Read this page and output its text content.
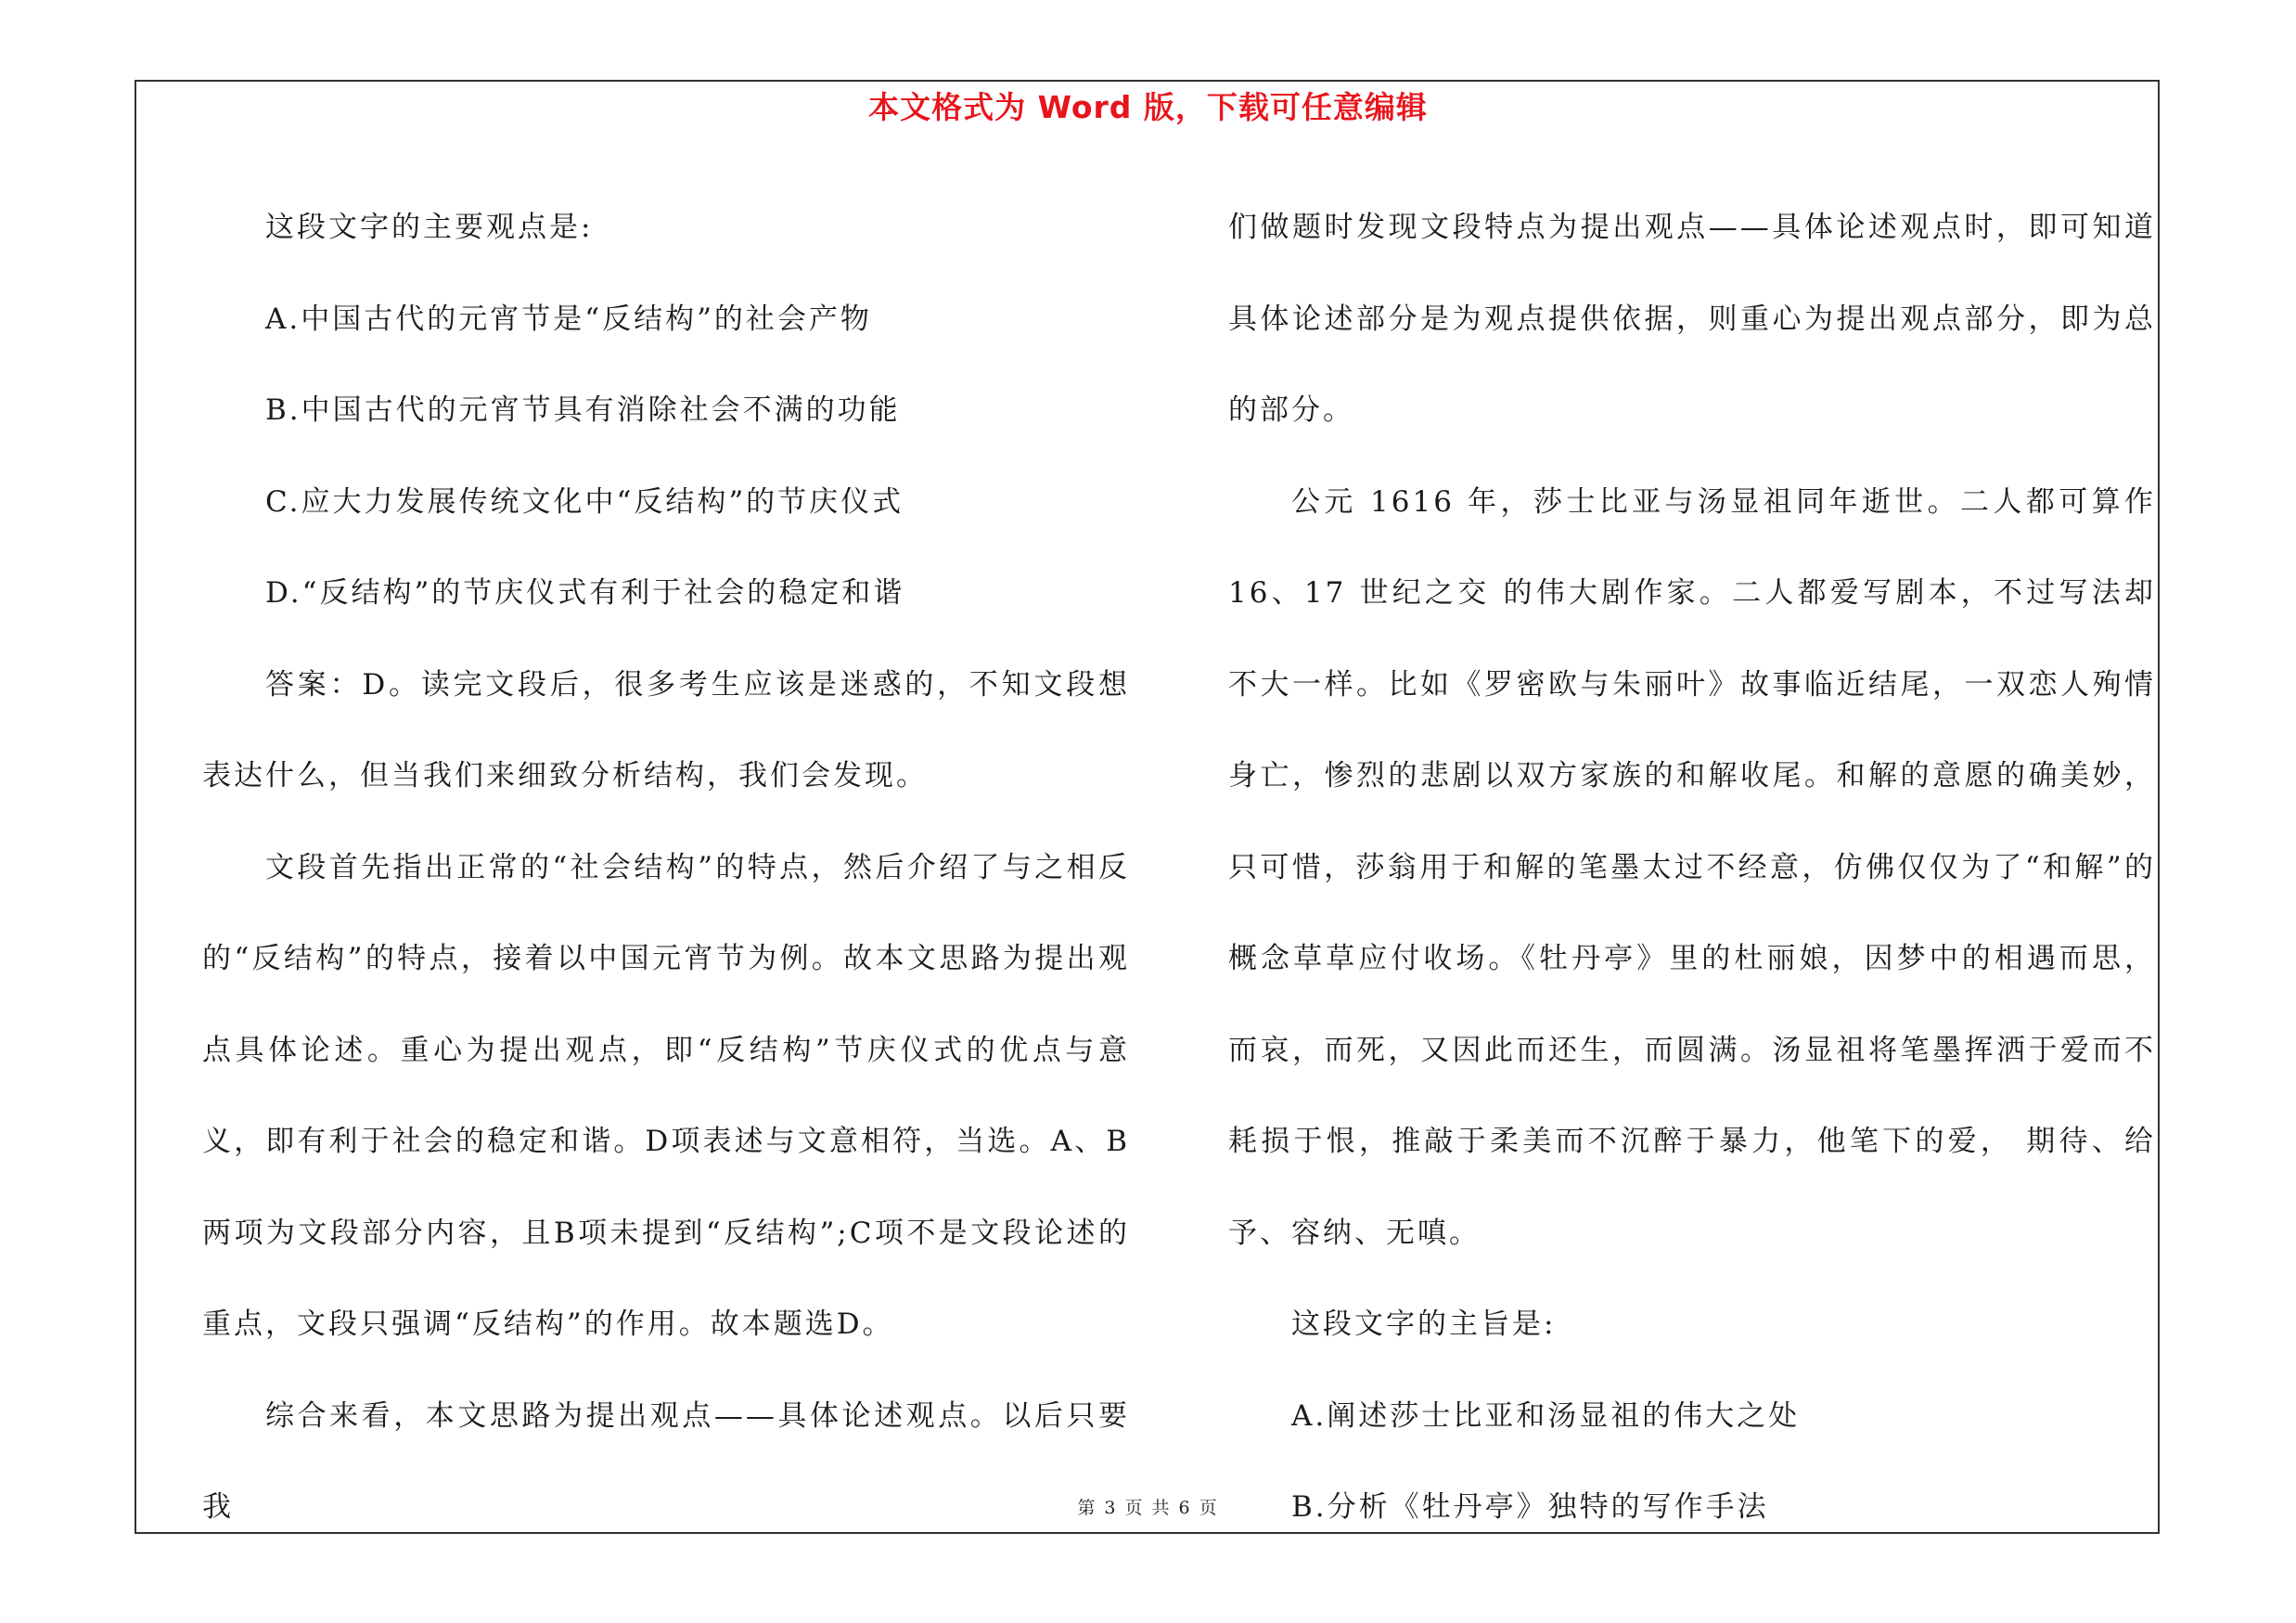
本文格式为 Word 版，下载可任意编辑

这段文字的主要观点是:

A.中国古代的元宵节是“反结构”的社会产物

B.中国古代的元宵节具有消除社会不满的功能

C.应大力发展传统文化中“反结构”的节庆仪式

D.“反结构”的节庆仪式有利于社会的稳定和谐

答案：D。读完文段后，很多考生应该是迷惑的，不知文段想表达什么，但当我们来细致分析结构，我们会发现。

文段首先指出正常的“社会结构”的特点，然后介绍了与之相反的“反结构”的特点，接着以中国元宵节为例。故本文思路为提出观点具体论述。重心为提出观点，即“反结构”节庆仪式的优点与意义，即有利于社会的稳定和谐。D项表述与文意相符，当选。A、B两项为文段部分内容，且B项未提到“反结构”;C项不是文段论述的重点，文段只强调“反结构”的作用。故本题选D。

综合来看，本文思路为提出观点——具体论述观点。以后只要我

们做题时发现文段特点为提出观点——具体论述观点时，即可知道具体论述部分是为观点提供依据，则重心为提出观点部分，即为总的部分。

公元 1616 年，莎士比亚与汤显祖同年逝世。二人都可算作 16、17 世纪之交 的伟大剧作家。二人都爱写剧本，不过写法却不大一样。比如《罗密欧与朱丽叶》故事临近结尾，一双恋人殉情身亡，惨烈的悲剧以双方家族的和解收尾。和解的意愿的确美妙，只可惜，莎翁用于和解的笔墨太过不经意，仿佛仅仅为了“和解”的概念草草应付收场。《牡丹亭》里的杜丽娘，因梦中的相遇而思，而哀，而死，又因此而还生，而圆满。汤显祖将笔墨挥洒于爱而不耗损于恨，推敲于柔美而不沉醉于暴力，他笔下的爱， 期待、给予、容纳、无嗔。

这段文字的主旨是:

A.阐述莎士比亚和汤显祖的伟大之处

B.分析《牡丹亭》独特的写作手法

第 3 页 共 6 页
